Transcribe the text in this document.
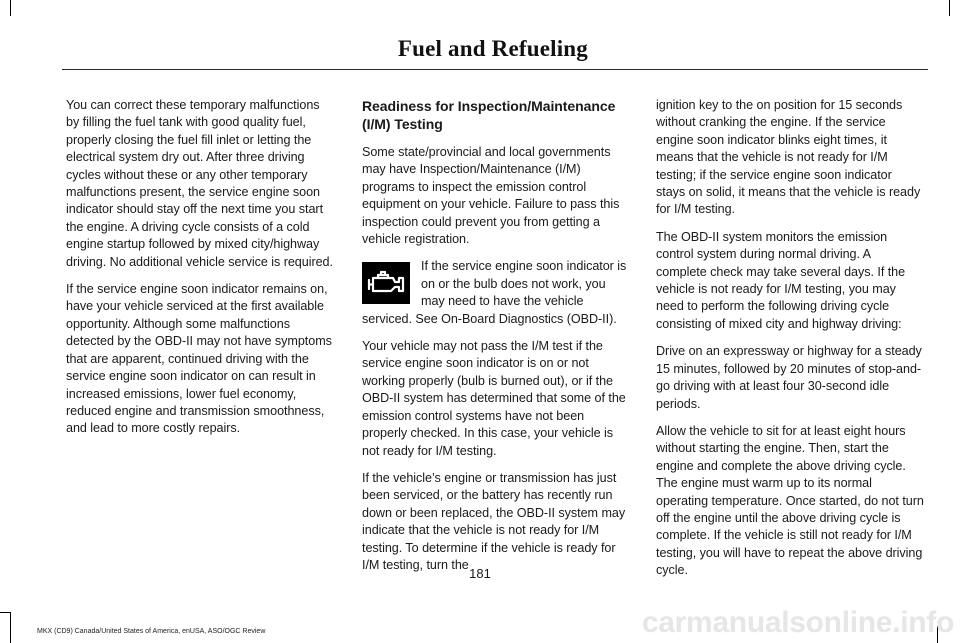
Fuel and Refueling

You can correct these temporary malfunctions by filling the fuel tank with good quality fuel, properly closing the fuel fill inlet or letting the electrical system dry out. After three driving cycles without these or any other temporary malfunctions present, the service engine soon indicator should stay off the next time you start the engine. A driving cycle consists of a cold engine startup followed by mixed city/highway driving. No additional vehicle service is required.

If the service engine soon indicator remains on, have your vehicle serviced at the first available opportunity. Although some malfunctions detected by the OBD-II may not have symptoms that are apparent, continued driving with the service engine soon indicator on can result in increased emissions, lower fuel economy, reduced engine and transmission smoothness, and lead to more costly repairs.

Readiness for Inspection/Maintenance (I/M) Testing

Some state/provincial and local governments may have Inspection/Maintenance (I/M) programs to inspect the emission control equipment on your vehicle. Failure to pass this inspection could prevent you from getting a vehicle registration.

If the service engine soon indicator is on or the bulb does not work, you may need to have the vehicle serviced. See On-Board Diagnostics (OBD-II).

Your vehicle may not pass the I/M test if the service engine soon indicator is on or not working properly (bulb is burned out), or if the OBD-II system has determined that some of the emission control systems have not been properly checked. In this case, your vehicle is not ready for I/M testing.

If the vehicle’s engine or transmission has just been serviced, or the battery has recently run down or been replaced, the OBD-II system may indicate that the vehicle is not ready for I/M testing. To determine if the vehicle is ready for I/M testing, turn the

ignition key to the on position for 15 seconds without cranking the engine. If the service engine soon indicator blinks eight times, it means that the vehicle is not ready for I/M testing; if the service engine soon indicator stays on solid, it means that the vehicle is ready for I/M testing.

The OBD-II system monitors the emission control system during normal driving. A complete check may take several days. If the vehicle is not ready for I/M testing, you may need to perform the following driving cycle consisting of mixed city and highway driving:

Drive on an expressway or highway for a steady 15 minutes, followed by 20 minutes of stop-and-go driving with at least four 30-second idle periods.

Allow the vehicle to sit for at least eight hours without starting the engine. Then, start the engine and complete the above driving cycle. The engine must warm up to its normal operating temperature. Once started, do not turn off the engine until the above driving cycle is complete. If the vehicle is still not ready for I/M testing, you will have to repeat the above driving cycle.

181
MKX (CD9) Canada/United States of America, enUSA, ASO/OGC Review	carmanualsonline.info
